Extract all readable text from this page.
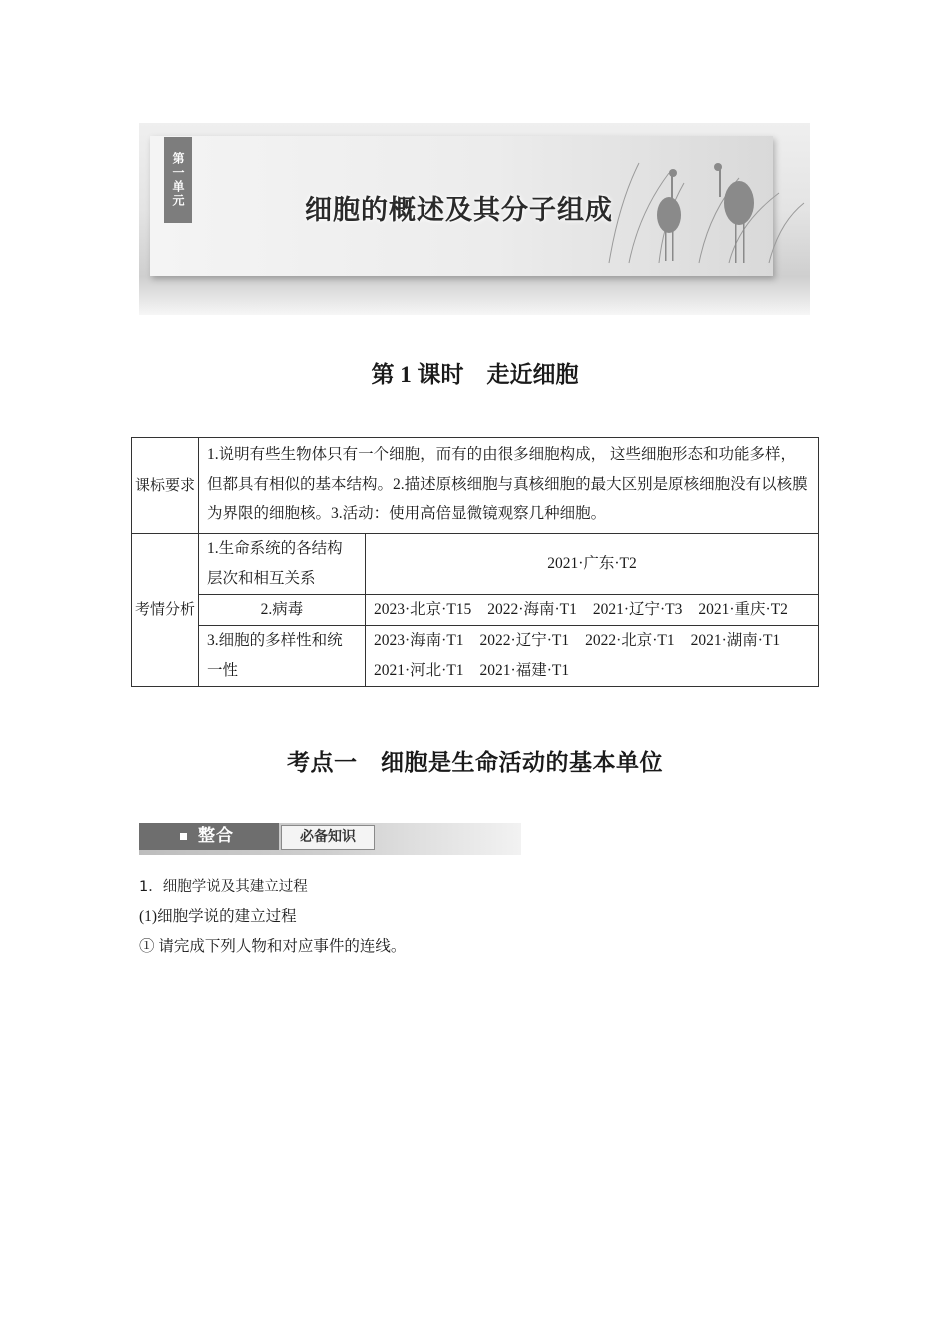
第一单元
细胞的概述及其分子组成
第 1 课时　走近细胞
课标要求	1.说明有些生物体只有一个细胞，而有的由很多细胞构成， 这些细胞形态和功能多样，但都具有相似的基本结构。2.描述原核细胞与真核细胞的最大区别是原核细胞没有以核膜为界限的细胞核。3.活动：使用高倍显微镜观察几种细胞。	
考情分析	1.生命系统的各结构层次和相互关系	2021·广东·T2
	2.病毒	2023·北京·T15 2022·海南·T1 2021·辽宁·T3 2021·重庆·T2
	3.细胞的多样性和统一性	2023·海南·T1 2022·辽宁·T1 2022·北京·T1 2021·湖南·T1
2021·河北·T1 2021·福建·T1
考点一　细胞是生命活动的基本单位
整合	必备知识
1．细胞学说及其建立过程
(1)细胞学说的建立过程
① 请完成下列人物和对应事件的连线。
